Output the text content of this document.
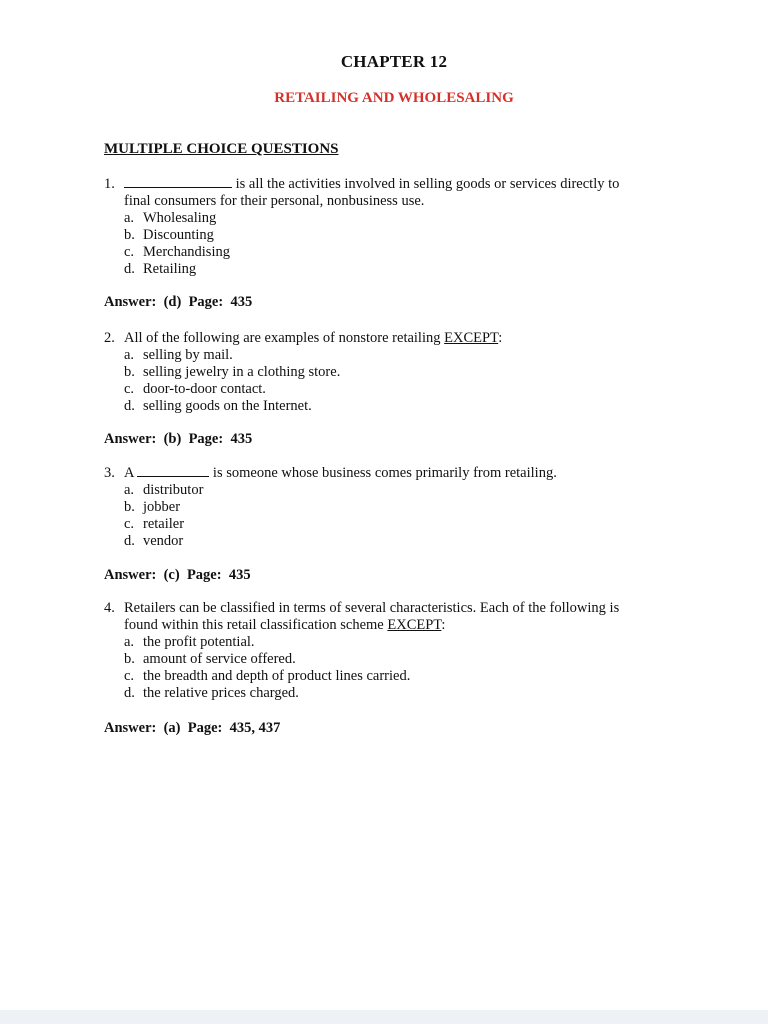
CHAPTER 12
RETAILING AND WHOLESALING
MULTIPLE CHOICE QUESTIONS
1.	is all the activities involved in selling goods or services directly to
final consumers for their personal, nonbusiness use.
a. Wholesaling
b. Discounting
c. Merchandising
d. Retailing
Answer:  (d)  Page:  435
2. All of the following are examples of nonstore retailing EXCEPT:
a. selling by mail.
b. selling jewelry in a clothing store.
c. door-to-door contact.
d. selling goods on the Internet.
Answer:  (b)  Page:  435
3. A	is someone whose business comes primarily from retailing.
a. distributor
b. jobber
c. retailer
d. vendor
Answer:  (c)  Page:  435
4. Retailers can be classified in terms of several characteristics. Each of the following is
found within this retail classification scheme EXCEPT:
a. the profit potential.
b. amount of service offered.
c. the breadth and depth of product lines carried.
d. the relative prices charged.
Answer:  (a)  Page:  435, 437
